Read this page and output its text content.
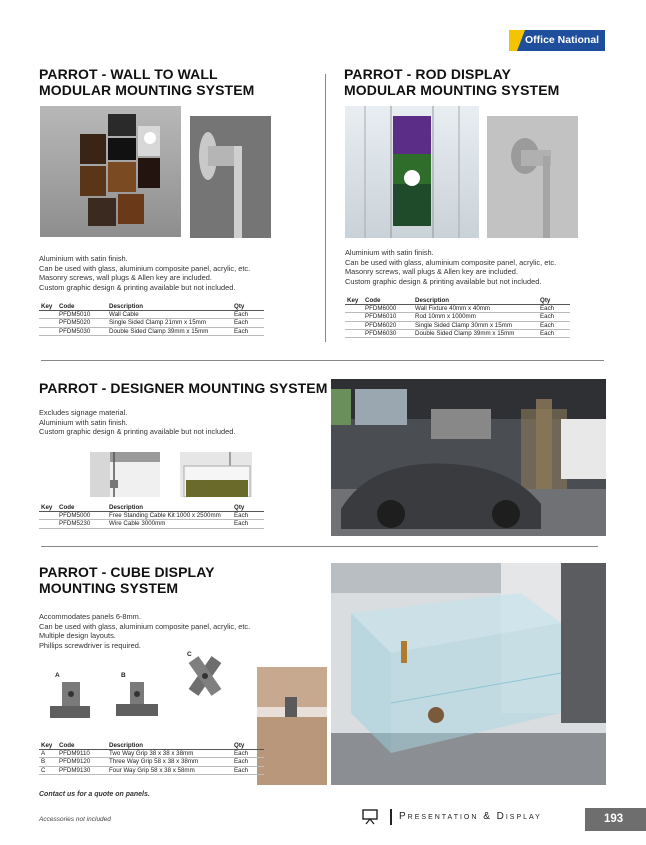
Office National
PARROT - WALL TO WALL
MODULAR MOUNTING SYSTEM
Aluminium with satin finish.
Can be used with glass, aluminium composite panel, acrylic, etc.
Masonry screws, wall plugs & Allen key are included.
Custom graphic design & printing available but not included.
Key	Code	Description	Qty
	PFDM5010	Wall Cable	Each
	PFDM5020	Single Sided Clamp 21mm x 15mm	Each
	PFDM5030	Double Sided Clamp 39mm x 15mm	Each
PARROT - ROD DISPLAY
MODULAR MOUNTING SYSTEM
Aluminium with satin finish.
Can be used with glass, aluminium composite panel, acrylic, etc.
Masonry screws, wall plugs & Allen key are included.
Custom graphic design & printing available but not included.
Key	Code	Description	Qty
	PFDM6000	Wall Fixture 40mm x 40mm	Each
	PFDM6010	Rod 10mm x 1000mm	Each
	PFDM6020	Single Sided Clamp 30mm x 15mm	Each
	PFDM6030	Double Sided Clamp 39mm x 15mm	Each
PARROT - DESIGNER MOUNTING SYSTEM
Excludes signage material.
Aluminium with satin finish.
Custom graphic design & printing available but not included.
Key	Code	Description	Qty
	PFDM5000	Free Standing Cable Kit 1000 x 2500mm	Each
	PFDM5230	Wire Cable 3000mm	Each
PARROT - CUBE DISPLAY
MOUNTING SYSTEM
Accommodates panels 6-8mm.
Can be used with glass, aluminium composite panel, acrylic, etc.
Multiple design layouts.
Phillips screwdriver is required.
A	B
C
Key	Code	Description	Qty
A	PFDM9110	Two Way Grip 38 x 38 x 38mm	Each
B	PFDM9120	Three Way Grip 58 x 38 x 38mm	Each
C	PFDM9130	Four Way Grip 58 x 38 x 58mm	Each
Contact us for a quote on panels.
Accessories not included	Presentation & Display	193
